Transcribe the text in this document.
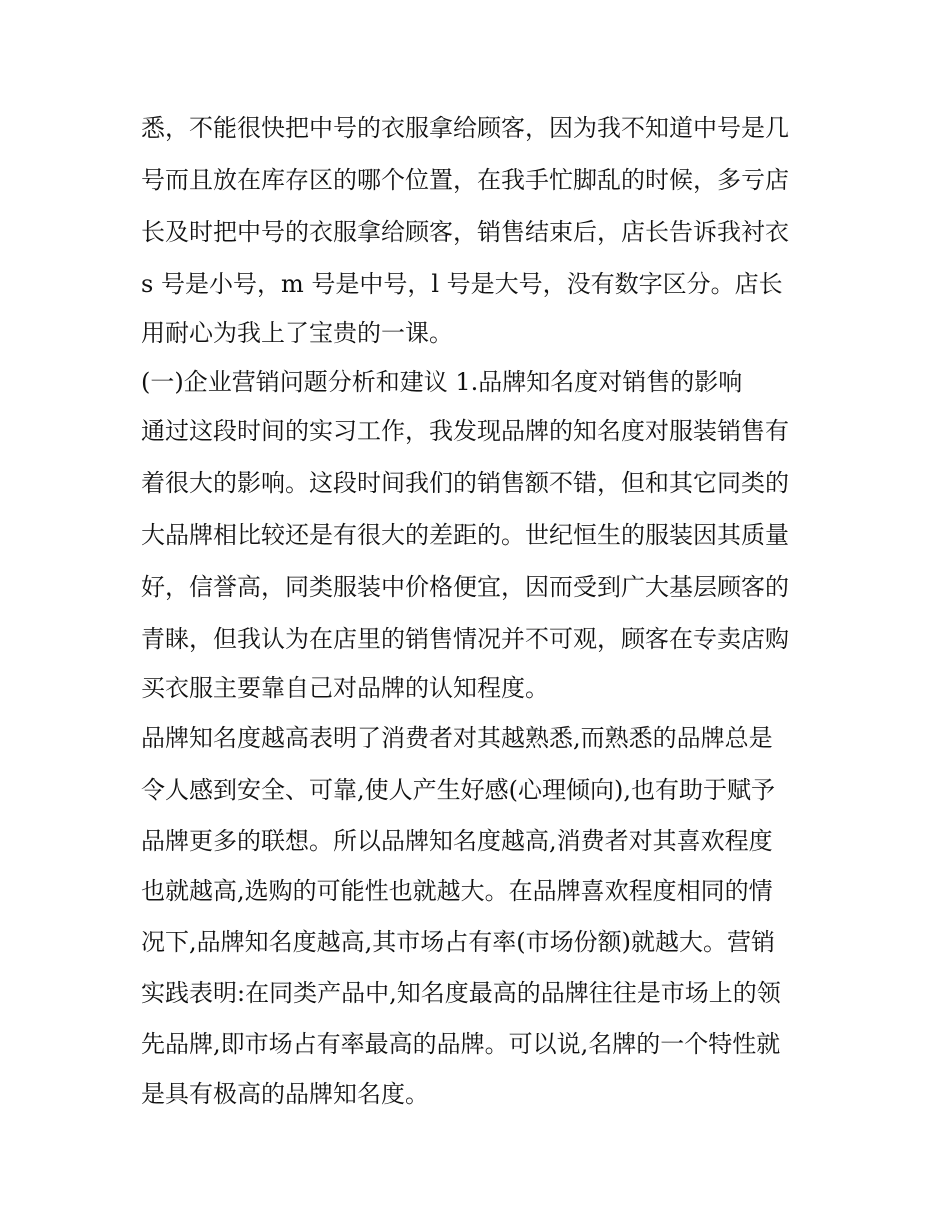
悉，不能很快把中号的衣服拿给顾客，因为我不知道中号是几
号而且放在库存区的哪个位置，在我手忙脚乱的时候，多亏店
长及时把中号的衣服拿给顾客，销售结束后，店长告诉我衬衣
s 号是小号，m 号是中号，l 号是大号，没有数字区分。店长
用耐心为我上了宝贵的一课。
(一)企业营销问题分析和建议 1.品牌知名度对销售的影响
通过这段时间的实习工作，我发现品牌的知名度对服装销售有
着很大的影响。这段时间我们的销售额不错，但和其它同类的
大品牌相比较还是有很大的差距的。世纪恒生的服装因其质量
好，信誉高，同类服装中价格便宜，因而受到广大基层顾客的
青睐，但我认为在店里的销售情况并不可观，顾客在专卖店购
买衣服主要靠自己对品牌的认知程度。
品牌知名度越高表明了消费者对其越熟悉,而熟悉的品牌总是
令人感到安全、可靠,使人产生好感(心理倾向),也有助于赋予
品牌更多的联想。所以品牌知名度越高,消费者对其喜欢程度
也就越高,选购的可能性也就越大。在品牌喜欢程度相同的情
况下,品牌知名度越高,其市场占有率(市场份额)就越大。营销
实践表明:在同类产品中,知名度最高的品牌往往是市场上的领
先品牌,即市场占有率最高的品牌。可以说,名牌的一个特性就
是具有极高的品牌知名度。
